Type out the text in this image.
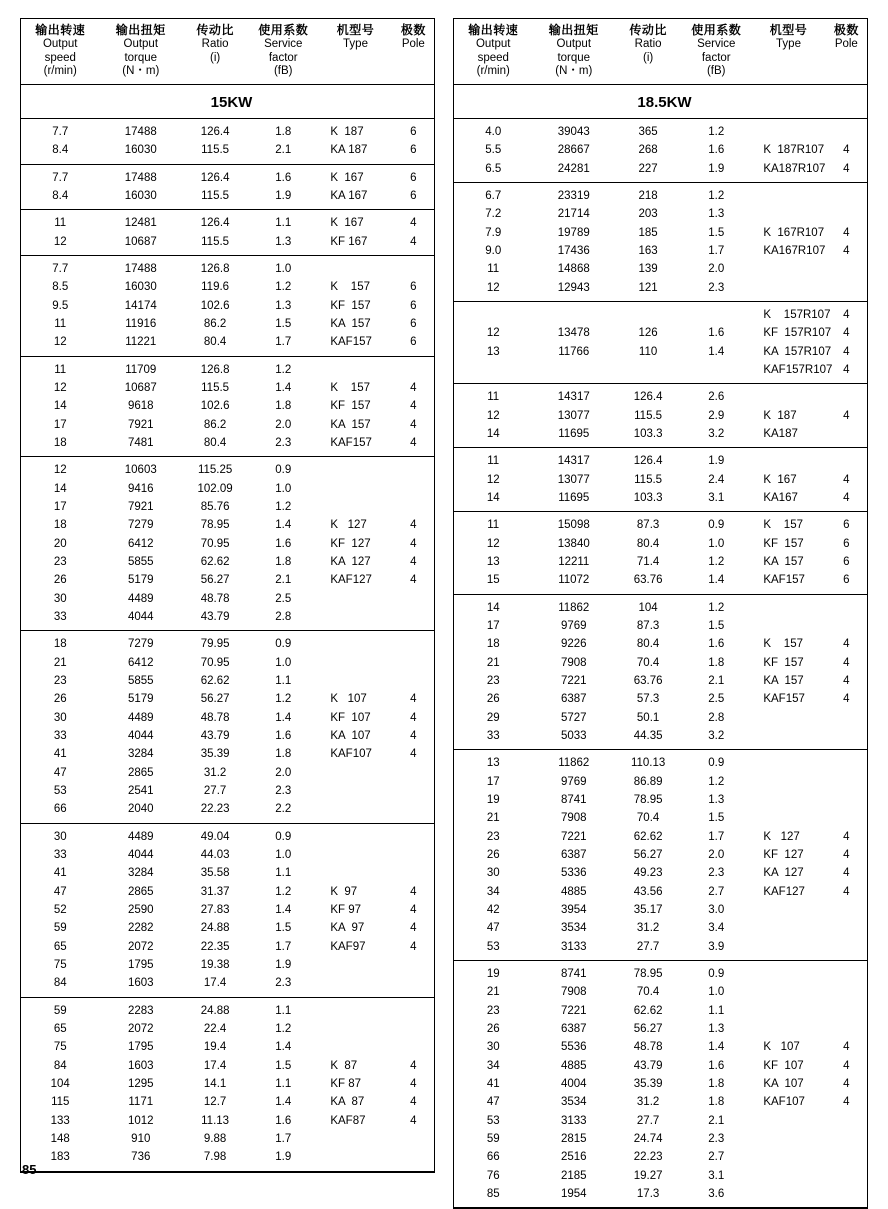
输出转速
Output
speed
(r/min)	输出扭矩
Output
torque
(N・m)	传动比
Ratio
(i)	使用系数
Service
factor
(fB)	机型号
Type	极数
Pole

15KW					
7.7	17488	126.4	1.8	K  187	6
8.4	16030	115.5	2.1	KA 187	6
7.7	17488	126.4	1.6	K  167	6
8.4	16030	115.5	1.9	KA 167	6
11	12481	126.4	1.1	K  167	4
12	10687	115.5	1.3	KF 167	4
7.7	17488	126.8	1.0		
8.5	16030	119.6	1.2	K    157	6
9.5	14174	102.6	1.3	KF  157	6
11	11916	86.2	1.5	KA  157	6
12	11221	80.4	1.7	KAF157	6
11	11709	126.8	1.2		
12	10687	115.5	1.4	K    157	4
14	9618	102.6	1.8	KF  157	4
17	7921	86.2	2.0	KA  157	4
18	7481	80.4	2.3	KAF157	4
12	10603	115.25	0.9		
14	9416	102.09	1.0		
17	7921	85.76	1.2		
18	7279	78.95	1.4	K   127	4
20	6412	70.95	1.6	KF  127	4
23	5855	62.62	1.8	KA  127	4
26	5179	56.27	2.1	KAF127	4
30	4489	48.78	2.5		
33	4044	43.79	2.8		
18	7279	79.95	0.9		
21	6412	70.95	1.0		
23	5855	62.62	1.1		
26	5179	56.27	1.2	K   107	4
30	4489	48.78	1.4	KF  107	4
33	4044	43.79	1.6	KA  107	4
41	3284	35.39	1.8	KAF107	4
47	2865	31.2	2.0		
53	2541	27.7	2.3		
66	2040	22.23	2.2		
30	4489	49.04	0.9		
33	4044	44.03	1.0		
41	3284	35.58	1.1		
47	2865	31.37	1.2	K  97	4
52	2590	27.83	1.4	KF 97	4
59	2282	24.88	1.5	KA  97	4
65	2072	22.35	1.7	KAF97	4
75	1795	19.38	1.9		
84	1603	17.4	2.3		
59	2283	24.88	1.1		
65	2072	22.4	1.2		
75	1795	19.4	1.4		
84	1603	17.4	1.5	K  87	4
104	1295	14.1	1.1	KF 87	4
115	1171	12.7	1.4	KA  87	4
133	1012	11.13	1.6	KAF87	4
148	910	9.88	1.7		
183	736	7.98	1.9		
输出转速
Output
speed
(r/min)	输出扭矩
Output
torque
(N・m)	传动比
Ratio
(i)	使用系数
Service
factor
(fB)	机型号
Type	极数
Pole

18.5KW					
4.0	39043	365	1.2		
5.5	28667	268	1.6	K  187R107	4
6.5	24281	227	1.9	KA187R107	4
6.7	23319	218	1.2		
7.2	21714	203	1.3		
7.9	19789	185	1.5	K  167R107	4
9.0	17436	163	1.7	KA167R107	4
11	14868	139	2.0		
12	12943	121	2.3		
				K    157R107	4
12	13478	126	1.6	KF  157R107	4
13	11766	110	1.4	KA  157R107	4
				KAF157R107	4
11	14317	126.4	2.6		
12	13077	115.5	2.9	K  187	4
14	11695	103.3	3.2	KA187	
11	14317	126.4	1.9		
12	13077	115.5	2.4	K  167	4
14	11695	103.3	3.1	KA167	4
11	15098	87.3	0.9	K    157	6
12	13840	80.4	1.0	KF  157	6
13	12211	71.4	1.2	KA  157	6
15	11072	63.76	1.4	KAF157	6
14	11862	104	1.2		
17	9769	87.3	1.5		
18	9226	80.4	1.6	K    157	4
21	7908	70.4	1.8	KF  157	4
23	7221	63.76	2.1	KA  157	4
26	6387	57.3	2.5	KAF157	4
29	5727	50.1	2.8		
33	5033	44.35	3.2		
13	11862	110.13	0.9		
17	9769	86.89	1.2		
19	8741	78.95	1.3		
21	7908	70.4	1.5		
23	7221	62.62	1.7	K   127	4
26	6387	56.27	2.0	KF  127	4
30	5336	49.23	2.3	KA  127	4
34	4885	43.56	2.7	KAF127	4
42	3954	35.17	3.0		
47	3534	31.2	3.4		
53	3133	27.7	3.9		
19	8741	78.95	0.9		
21	7908	70.4	1.0		
23	7221	62.62	1.1		
26	6387	56.27	1.3		
30	5536	48.78	1.4	K   107	4
34	4885	43.79	1.6	KF  107	4
41	4004	35.39	1.8	KA  107	4
47	3534	31.2	1.8	KAF107	4
53	3133	27.7	2.1		
59	2815	24.74	2.3		
66	2516	22.23	2.7		
76	2185	19.27	3.1		
85	1954	17.3	3.6		
85
